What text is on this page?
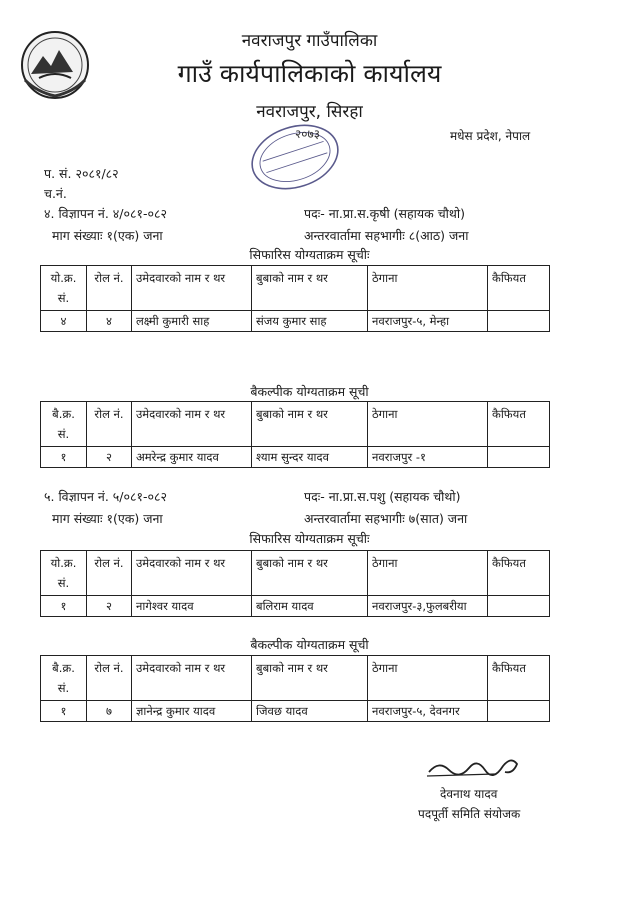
नवराजपुर गाउँपालिका
गाउँ कार्यपालिकाको कार्यालय
नवराजपुर, सिरहा
मधेस प्रदेश, नेपाल
२०७३
प. सं. २०८१/८२
च.नं.
४. विज्ञापन नं. ४/०८१-०८२	पदः- ना.प्रा.स.कृषी (सहायक चौथो)
माग संख्याः १(एक) जना	अन्तरवार्तामा सहभागीः ८(आठ) जना
सिफारिस योग्यताक्रम सूचीः
यो.क्र. सं.	रोल नं.	उमेदवारको नाम र थर	बुबाको नाम र थर	ठेगाना	कैफियत
४	४	लक्ष्मी कुमारी साह	संजय कुमार साह	नवराजपुर-५, मेन्हा	
बैकल्पीक योग्यताक्रम सूची
बै.क्र. सं.	रोल नं.	उमेदवारको नाम र थर	बुबाको नाम र थर	ठेगाना	कैफियत
१	२	अमरेन्द्र कुमार यादव	श्याम सुन्दर यादव	नवराजपुर -१	
५. विज्ञापन नं. ५/०८१-०८२	पदः- ना.प्रा.स.पशु (सहायक चौथो)
माग संख्याः १(एक) जना	अन्तरवार्तामा सहभागीः ७(सात) जना
सिफारिस योग्यताक्रम सूचीः
यो.क्र. सं.	रोल नं.	उमेदवारको नाम र थर	बुबाको नाम र थर	ठेगाना	कैफियत
१	२	नागेश्वर यादव	बलिराम यादव	नवराजपुर-३,फुलबरीया	
बैकल्पीक योग्यताक्रम सूची
बै.क्र. सं.	रोल नं.	उमेदवारको नाम र थर	बुबाको नाम र थर	ठेगाना	कैफियत
१	७	ज्ञानेन्द्र कुमार यादव	जिवछ यादव	नवराजपुर-५, देवनगर	
देवनाथ यादव
पदपूर्ती समिति संयोजक
